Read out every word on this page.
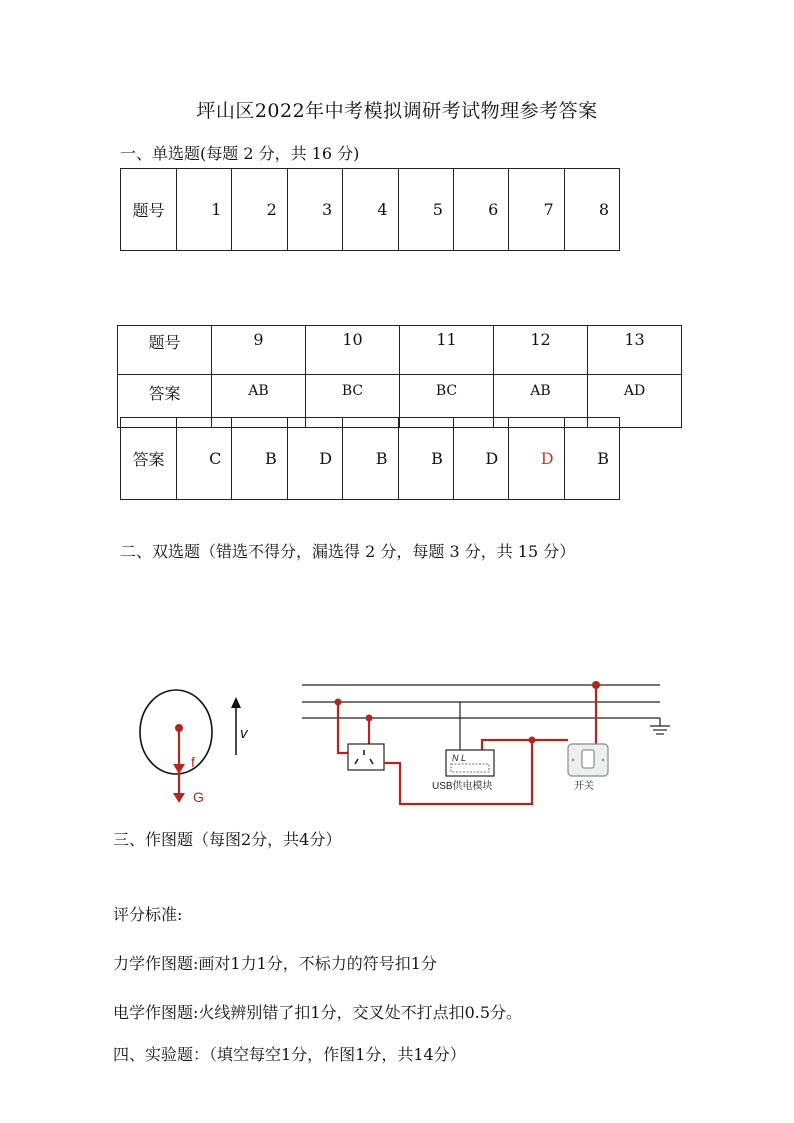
坪山区2022年中考模拟调研考试物理参考答案
一、单选题(每题 2 分，共 16 分)
题号	1	2	3	4	5	6	7	8
题号	9	10	11	12	13
答案	AB	BC	BC	AB	AD
答案	C	B	D	B	B	D	D	B
二、双选题（错选不得分，漏选得 2 分，每题 3 分，共 15 分）
f
G
v
N L
USB供电模块	开关
三、作图题（每图2分，共4分）
评分标准:
力学作图题:画对1力1分，不标力的符号扣1分
电学作图题:火线辨别错了扣1分，交叉处不打点扣0.5分。
四、实验题：（填空每空1分，作图1分，共14分）
